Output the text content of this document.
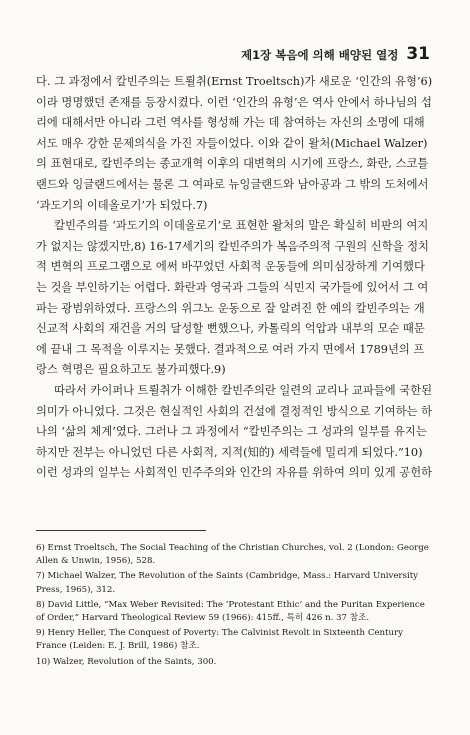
제1장 복음에 의해 배양된 열정 31

다. 그 과정에서 칼빈주의는 트뢸취(Ernst Troeltsch)가 새로운 ‘인간의 유형’6)이라 명명했던 존재를 등장시켰다. 이런 ‘인간의 유형’은 역사 안에서 하나님의 섭리에 대해서만 아니라 그런 역사를 형성해 가는 데 참여하는 자신의 소명에 대해서도 매우 강한 문제의식을 가진 자들이었다. 이와 같이 왈처(Michael Walzer)의 표현대로, 칼빈주의는 종교개혁 이후의 대변혁의 시기에 프랑스, 화란, 스코틀랜드와 잉글랜드에서는 물론 그 여파로 뉴잉글랜드와 남아공과 그 밖의 도처에서 ‘과도기의 이데올로기’가 되었다.7)

칼빈주의를 ‘과도기의 이데올로기’로 표현한 왈처의 말은 확실히 비판의 여지가 없지는 않겠지만,8) 16-17세기의 칼빈주의가 복음주의적 구원의 신학을 정치적 변혁의 프로그램으로 에써 바꾸었던 사회적 운동들에 의미심장하게 기여했다는 것을 부인하기는 어렵다. 화란과 영국과 그들의 식민지 국가들에 있어서 그 여파는 광범위하였다. 프랑스의 위그노 운동으로 잘 알려진 한 예의 칼빈주의는 개신교적 사회의 재건을 거의 달성할 뻔했으나, 카톨릭의 억압과 내부의 모순 때문에 끝내 그 목적을 이루지는 못했다. 결과적으로 여러 가지 면에서 1789년의 프랑스 혁명은 필요하고도 불가피했다.9)

따라서 카이퍼나 트뢸취가 이해한 칼빈주의란 일련의 교리나 교파들에 국한된 의미가 아니었다. 그것은 현실적인 사회의 건설에 결정적인 방식으로 기여하는 하나의 ‘삶의 체계’였다. 그러나 그 과정에서 “칼빈주의는 그 성과의 일부를 유지는 하지만 전부는 아니었던 다른 사회적, 지적(知的) 세력들에 밀리게 되었다.”10) 이런 성과의 일부는 사회적인 민주주의와 인간의 자유를 위하여 의미 있게 공헌하

6) Ernst Troeltsch, The Social Teaching of the Christian Churches, vol. 2 (London: George Allen & Unwin, 1956), 528.

7) Michael Walzer, The Revolution of the Saints (Cambridge, Mass.: Harvard University Press, 1965), 312.

8) David Little, “Max Weber Revisited: The ‘Protestant Ethic’ and the Puritan Experience of Order,” Harvard Theological Review 59 (1966): 415ff., 특히 426 n. 37 참조.

9) Henry Heller, The Conquest of Poverty: The Calvinist Revolt in Sixteenth Century France (Leiden: E. J. Brill, 1986) 참조.

10) Walzer, Revolution of the Saints, 300.
